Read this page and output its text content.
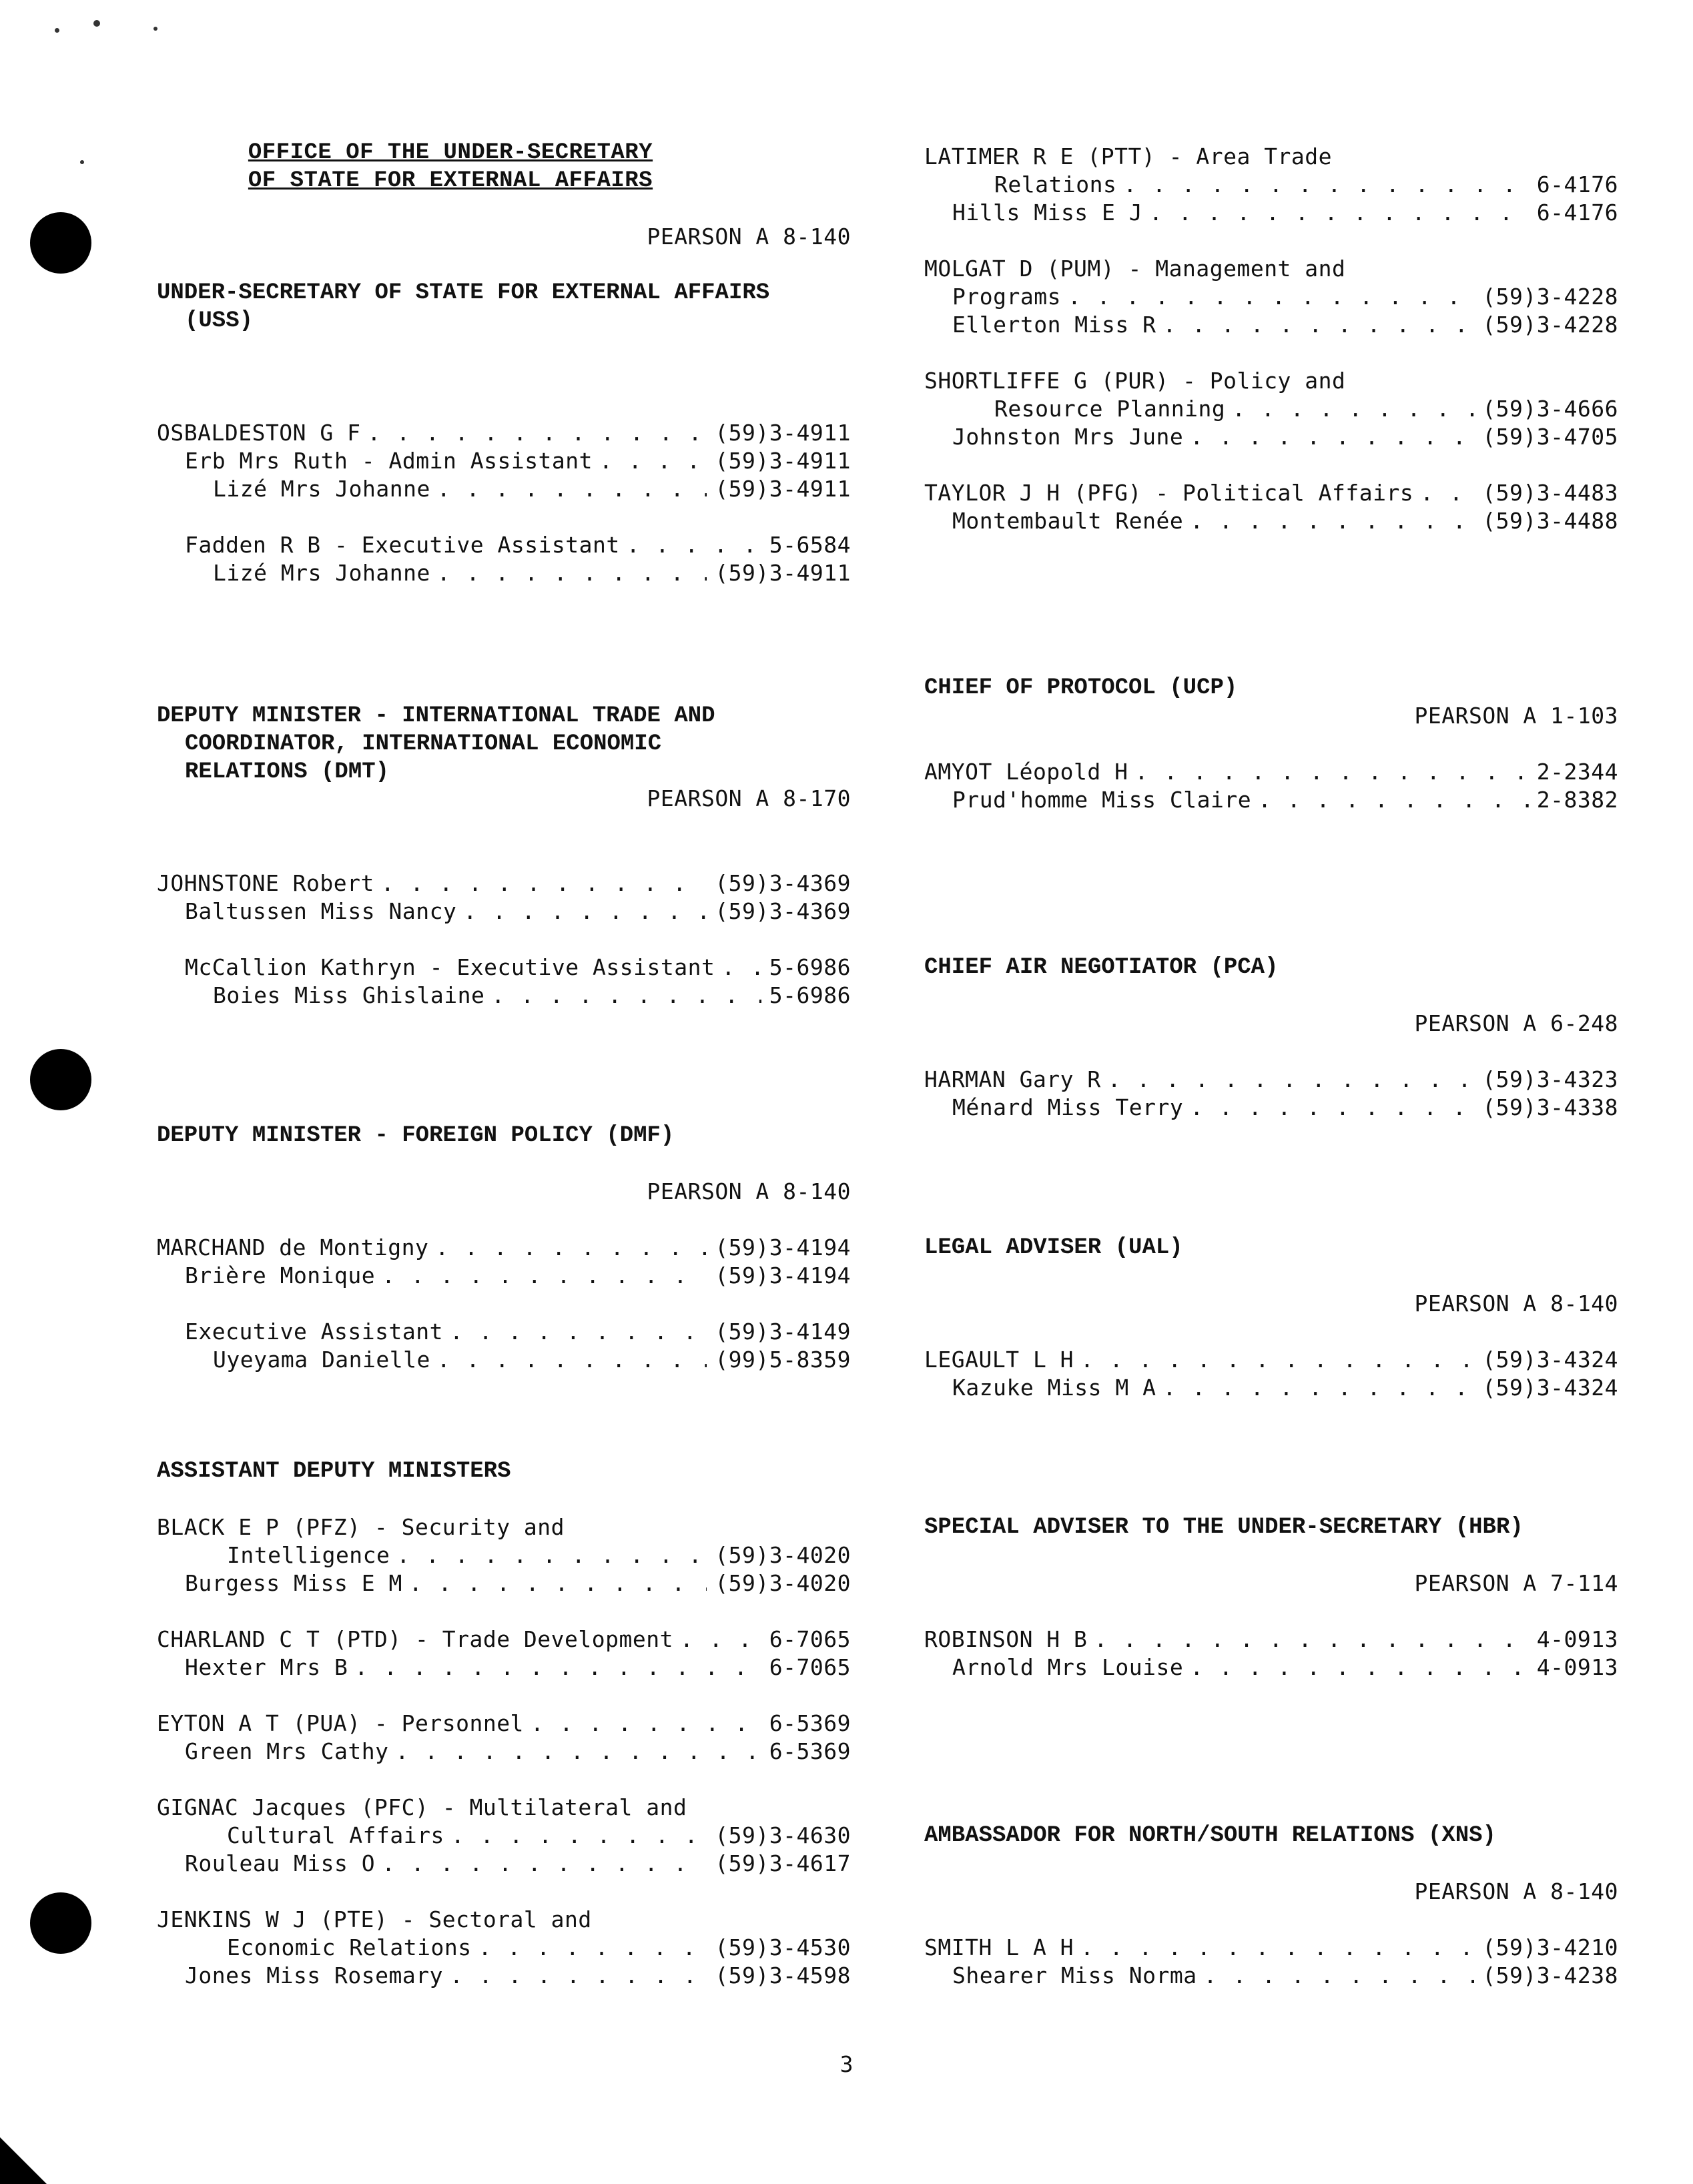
OFFICE OF THE UNDER-SECRETARY
OF STATE FOR EXTERNAL AFFAIRS
PEARSON A 8-140
UNDER-SECRETARY OF STATE FOR EXTERNAL AFFAIRS
(USS)
OSBALDESTON G F . . .	(59)3-4911
Erb Mrs Ruth - Admin Assistant . . .	(59)3-4911
Lizé Mrs Johanne . . .	(59)3-4911
Fadden R B - Executive Assistant . . .	5-6584
Lizé Mrs Johanne . . .	(59)3-4911
DEPUTY MINISTER - INTERNATIONAL TRADE AND
COORDINATOR, INTERNATIONAL ECONOMIC
RELATIONS (DMT)
PEARSON A 8-170
JOHNSTONE Robert . . .	(59)3-4369
Baltussen Miss Nancy . . .	(59)3-4369
McCallion Kathryn - Executive Assistant . . .	5-6986
Boies Miss Ghislaine . . .	5-6986
DEPUTY MINISTER - FOREIGN POLICY (DMF)
PEARSON A 8-140
MARCHAND de Montigny . . .	(59)3-4194
Brière Monique . . .	(59)3-4194
Executive Assistant . . .	(59)3-4149
Uyeyama Danielle . . .	(99)5-8359
ASSISTANT DEPUTY MINISTERS
BLACK E P (PFZ) - Security and
Intelligence . . .	(59)3-4020
Burgess Miss E M . . .	(59)3-4020
CHARLAND C T (PTD) - Trade Development . . .	6-7065
Hexter Mrs B . . .	6-7065
EYTON A T (PUA) - Personnel . . .	6-5369
Green Mrs Cathy . . .	6-5369
GIGNAC Jacques (PFC) - Multilateral and
Cultural Affairs . . .	(59)3-4630
Rouleau Miss O . . .	(59)3-4617
JENKINS W J (PTE) - Sectoral and
Economic Relations . . .	(59)3-4530
Jones Miss Rosemary . . .	(59)3-4598
LATIMER R E (PTT) - Area Trade
Relations . . .	6-4176
Hills Miss E J . . .	6-4176
MOLGAT D (PUM) - Management and
Programs . . .	(59)3-4228
Ellerton Miss R . . .	(59)3-4228
SHORTLIFFE G (PUR) - Policy and
Resource Planning . . .	(59)3-4666
Johnston Mrs June . . .	(59)3-4705
TAYLOR J H (PFG) - Political Affairs . . .	(59)3-4483
Montembault Renée . . .	(59)3-4488
CHIEF OF PROTOCOL (UCP)
PEARSON A 1-103
AMYOT Léopold H . . .	2-2344
Prud'homme Miss Claire . . .	2-8382
CHIEF AIR NEGOTIATOR (PCA)
PEARSON A 6-248
HARMAN Gary R . . .	(59)3-4323
Ménard Miss Terry . . .	(59)3-4338
LEGAL ADVISER (UAL)
PEARSON A 8-140
LEGAULT L H . . .	(59)3-4324
Kazuke Miss M A . . .	(59)3-4324
SPECIAL ADVISER TO THE UNDER-SECRETARY (HBR)
PEARSON A 7-114
ROBINSON H B . . .	4-0913
Arnold Mrs Louise . . .	4-0913
AMBASSADOR FOR NORTH/SOUTH RELATIONS (XNS)
PEARSON A 8-140
SMITH L A H . . .	(59)3-4210
Shearer Miss Norma . . .	(59)3-4238
3
